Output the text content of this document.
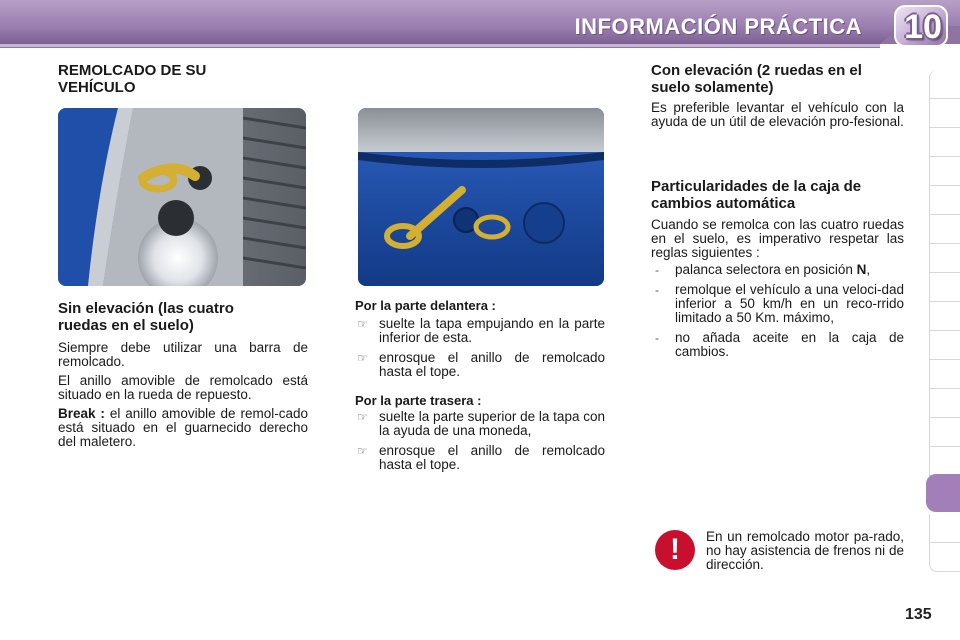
INFORMACIÓN PRÁCTICA 10
REMOLCADO DE SU
VEHÍCULO
Sin elevación (las cuatro
ruedas en el suelo)

Siempre debe utilizar una barra de remolcado.

El anillo amovible de remolcado está situado en la rueda de repuesto.

Break : el anillo amovible de remol-cado está situado en el guarnecido derecho del maletero.

Por la parte delantera :
☞ suelte la tapa empujando en la parte inferior de esta.
☞ enrosque el anillo de remolcado hasta el tope.
Por la parte trasera :
☞ suelte la parte superior de la tapa con la ayuda de una moneda,
☞ enrosque el anillo de remolcado hasta el tope.
Con elevación (2 ruedas en el
suelo solamente)

Es preferible levantar el vehículo con la ayuda de un útil de elevación pro-fesional.

Particularidades de la caja de
cambios automática

Cuando se remolca con las cuatro ruedas en el suelo, es imperativo respetar las reglas siguientes :

- palanca selectora en posición N,
- remolque el vehículo a una veloci-dad inferior a 50 km/h en un reco-rrido limitado a 50 Km. máximo,
- no añada aceite en la caja de cambios.
!	En un remolcado motor pa-rado, no hay asistencia de frenos ni de dirección.

135
